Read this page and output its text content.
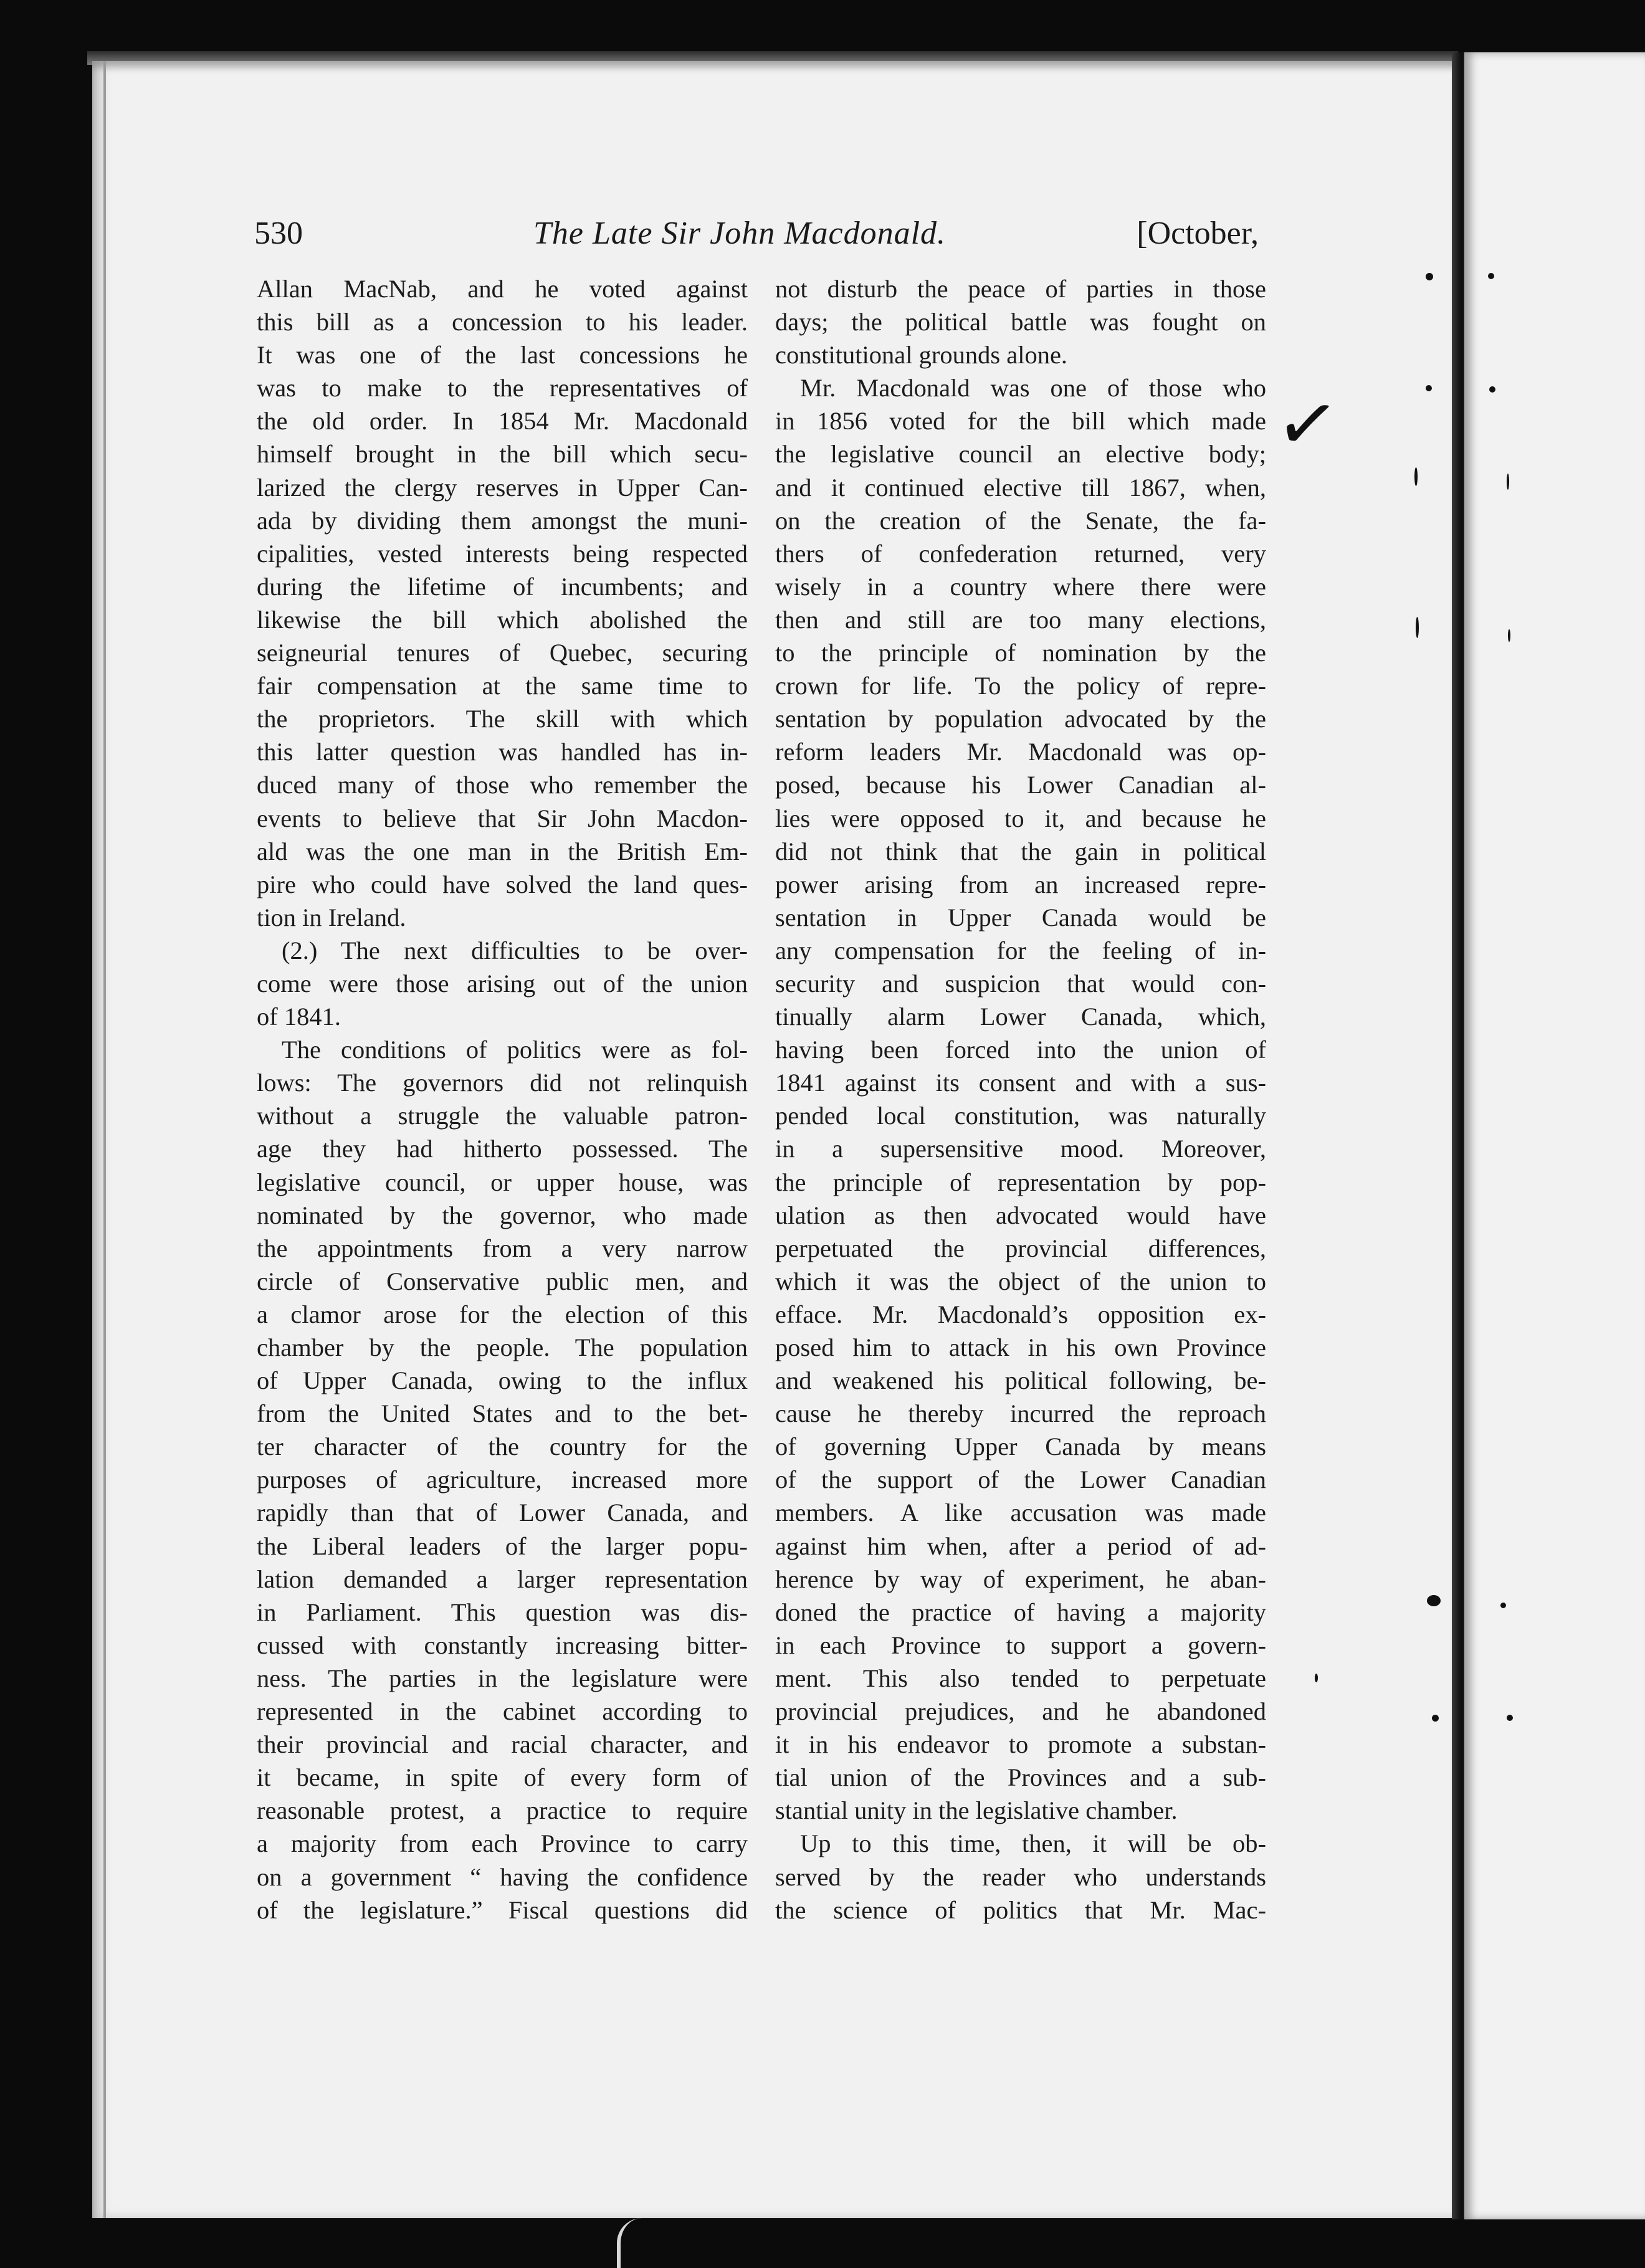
530	The Late Sir John Macdonald.	[October,
Allan MacNab, and he voted against
this bill as a concession to his leader.
It was one of the last concessions he
was to make to the representatives of
the old order. In 1854 Mr. Macdonald
himself brought in the bill which secu-
larized the clergy reserves in Upper Can-
ada by dividing them amongst the muni-
cipalities, vested interests being respected
during the lifetime of incumbents; and
likewise the bill which abolished the
seigneurial tenures of Quebec, securing
fair compensation at the same time to
the proprietors. The skill with which
this latter question was handled has in-
duced many of those who remember the
events to believe that Sir John Macdon-
ald was the one man in the British Em-
pire who could have solved the land ques-
tion in Ireland.
(2.) The next difficulties to be over-
come were those arising out of the union
of 1841.
The conditions of politics were as fol-
lows: The governors did not relinquish
without a struggle the valuable patron-
age they had hitherto possessed. The
legislative council, or upper house, was
nominated by the governor, who made
the appointments from a very narrow
circle of Conservative public men, and
a clamor arose for the election of this
chamber by the people. The population
of Upper Canada, owing to the influx
from the United States and to the bet-
ter character of the country for the
purposes of agriculture, increased more
rapidly than that of Lower Canada, and
the Liberal leaders of the larger popu-
lation demanded a larger representation
in Parliament. This question was dis-
cussed with constantly increasing bitter-
ness. The parties in the legislature were
represented in the cabinet according to
their provincial and racial character, and
it became, in spite of every form of
reasonable protest, a practice to require
a majority from each Province to carry
on a government “ having the confidence
of the legislature.” Fiscal questions did
not disturb the peace of parties in those
days; the political battle was fought on
constitutional grounds alone.
Mr. Macdonald was one of those who
in 1856 voted for the bill which made
the legislative council an elective body;
and it continued elective till 1867, when,
on the creation of the Senate, the fa-
thers of confederation returned, very
wisely in a country where there were
then and still are too many elections,
to the principle of nomination by the
crown for life. To the policy of repre-
sentation by population advocated by the
reform leaders Mr. Macdonald was op-
posed, because his Lower Canadian al-
lies were opposed to it, and because he
did not think that the gain in political
power arising from an increased repre-
sentation in Upper Canada would be
any compensation for the feeling of in-
security and suspicion that would con-
tinually alarm Lower Canada, which,
having been forced into the union of
1841 against its consent and with a sus-
pended local constitution, was naturally
in a supersensitive mood. Moreover,
the principle of representation by pop-
ulation as then advocated would have
perpetuated the provincial differences,
which it was the object of the union to
efface. Mr. Macdonald’s opposition ex-
posed him to attack in his own Province
and weakened his political following, be-
cause he thereby incurred the reproach
of governing Upper Canada by means
of the support of the Lower Canadian
members. A like accusation was made
against him when, after a period of ad-
herence by way of experiment, he aban-
doned the practice of having a majority
in each Province to support a govern-
ment. This also tended to perpetuate
provincial prejudices, and he abandoned
it in his endeavor to promote a substan-
tial union of the Provinces and a sub-
stantial unity in the legislative chamber.
Up to this time, then, it will be ob-
served by the reader who understands
the science of politics that Mr. Mac-
✓
